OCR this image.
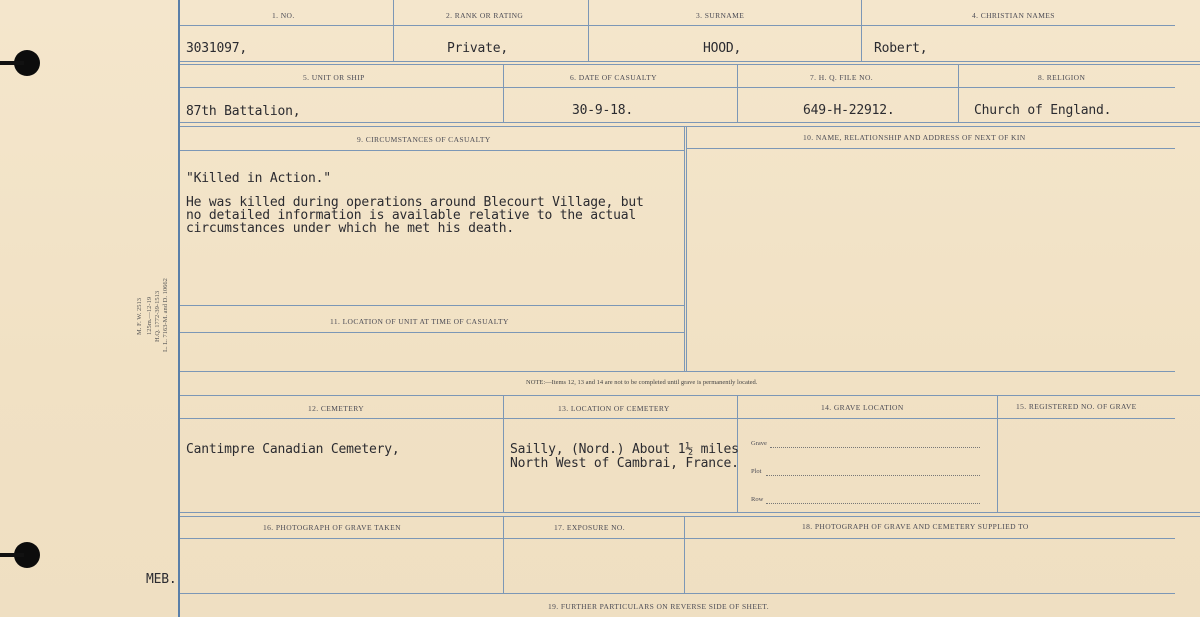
M. F. W. 2513 125m.—12-19 H.Q. 1772-39-1513 L. L. 7163-M. and D. 10662
MEB.
1. NO.	2. RANK OR RATING	3. SURNAME	4. CHRISTIAN NAMES
3031097,	Private,	HOOD,	Robert,
5. UNIT OR SHIP	6. DATE OF CASUALTY	7. H. Q. FILE NO.	8. RELIGION
87th Battalion,	30-9-18.	649-H-22912.	Church of England.
9. CIRCUMSTANCES OF CASUALTY	10. NAME, RELATIONSHIP AND ADDRESS OF NEXT OF KIN
"Killed in Action."
He was killed during operations around Blecourt Village, but
no detailed information is available relative to the actual
circumstances under which he met his death.
11. LOCATION OF UNIT AT TIME OF CASUALTY
NOTE:—Items 12, 13 and 14 are not to be completed until grave is permanently located.
12. CEMETERY	13. LOCATION OF CEMETERY	14. GRAVE LOCATION	15. REGISTERED NO. OF GRAVE
Cantimpre Canadian Cemetery,	Sailly, (Nord.) About 1½ miles
North West of Cambrai, France.
Grave
Plot
Row
16. PHOTOGRAPH OF GRAVE TAKEN	17. EXPOSURE NO.	18. PHOTOGRAPH OF GRAVE AND CEMETERY SUPPLIED TO
19. FURTHER PARTICULARS ON REVERSE SIDE OF SHEET.
